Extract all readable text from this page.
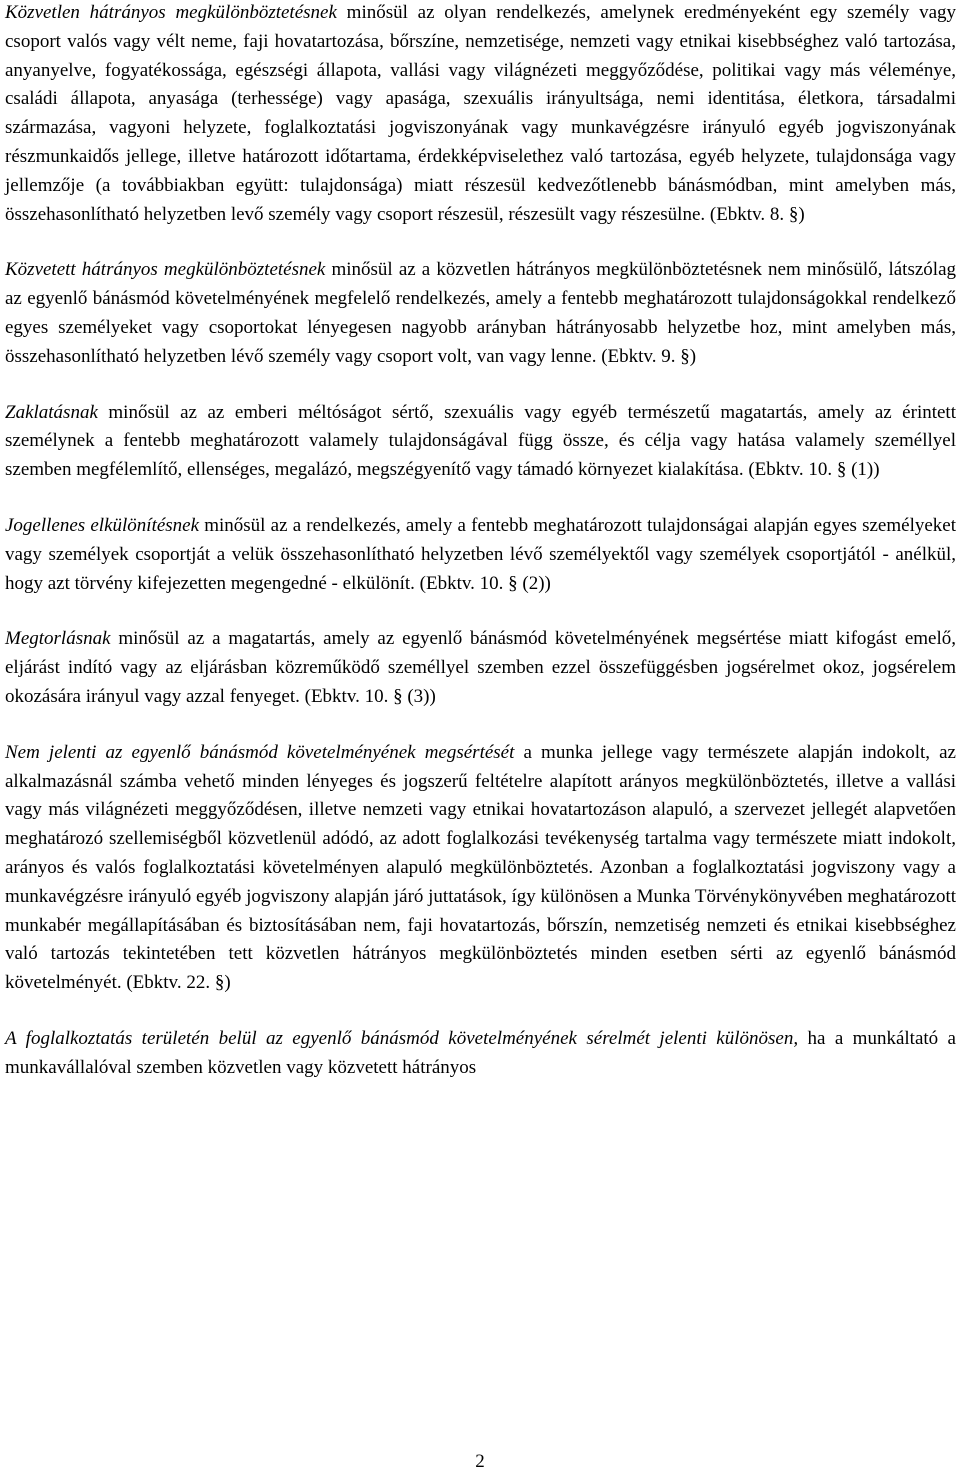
Közvetlen hátrányos megkülönböztetésnek minősül az olyan rendelkezés, amelynek eredményeként egy személy vagy csoport valós vagy vélt neme, faji hovatartozása, bőrszíne, nemzetisége, nemzeti vagy etnikai kisebbséghez való tartozása, anyanyelve, fogyatékossága, egészségi állapota, vallási vagy világnézeti meggyőződése, politikai vagy más véleménye, családi állapota, anyasága (terhessége) vagy apasága, szexuális irányultsága, nemi identitása, életkora, társadalmi származása, vagyoni helyzete, foglalkoztatási jogviszonyának vagy munkavégzésre irányuló egyéb jogviszonyának részmunkaidős jellege, illetve határozott időtartama, érdekképviselethez való tartozása, egyéb helyzete, tulajdonsága vagy jellemzője (a továbbiakban együtt: tulajdonsága) miatt részesül kedvezőtlenebb bánásmódban, mint amelyben más, összehasonlítható helyzetben levő személy vagy csoport részesül, részesült vagy részesülne. (Ebktv. 8. §)

Közvetett hátrányos megkülönböztetésnek minősül az a közvetlen hátrányos megkülönböztetésnek nem minősülő, látszólag az egyenlő bánásmód követelményének megfelelő rendelkezés, amely a fentebb meghatározott tulajdonságokkal rendelkező egyes személyeket vagy csoportokat lényegesen nagyobb arányban hátrányosabb helyzetbe hoz, mint amelyben más, összehasonlítható helyzetben lévő személy vagy csoport volt, van vagy lenne. (Ebktv. 9. §)

Zaklatásnak minősül az az emberi méltóságot sértő, szexuális vagy egyéb természetű magatartás, amely az érintett személynek a fentebb meghatározott valamely tulajdonságával függ össze, és célja vagy hatása valamely személlyel szemben megfélemlítő, ellenséges, megalázó, megszégyenítő vagy támadó környezet kialakítása. (Ebktv. 10. § (1))

Jogellenes elkülönítésnek minősül az a rendelkezés, amely a fentebb meghatározott tulajdonságai alapján egyes személyeket vagy személyek csoportját a velük összehasonlítható helyzetben lévő személyektől vagy személyek csoportjától - anélkül, hogy azt törvény kifejezetten megengedné - elkülönít. (Ebktv. 10. § (2))

Megtorlásnak minősül az a magatartás, amely az egyenlő bánásmód követelményének megsértése miatt kifogást emelő, eljárást indító vagy az eljárásban közreműködő személlyel szemben ezzel összefüggésben jogsérelmet okoz, jogsérelem okozására irányul vagy azzal fenyeget. (Ebktv. 10. § (3))

Nem jelenti az egyenlő bánásmód követelményének megsértését a munka jellege vagy természete alapján indokolt, az alkalmazásnál számba vehető minden lényeges és jogszerű feltételre alapított arányos megkülönböztetés, illetve a vallási vagy más világnézeti meggyőződésen, illetve nemzeti vagy etnikai hovatartozáson alapuló, a szervezet jellegét alapvetően meghatározó szellemiségből közvetlenül adódó, az adott foglalkozási tevékenység tartalma vagy természete miatt indokolt, arányos és valós foglalkoztatási követelményen alapuló megkülönböztetés. Azonban a foglalkoztatási jogviszony vagy a munkavégzésre irányuló egyéb jogviszony alapján járó juttatások, így különösen a Munka Törvénykönyvében meghatározott munkabér megállapításában és biztosításában nem, faji hovatartozás, bőrszín, nemzetiség nemzeti és etnikai kisebbséghez való tartozás tekintetében tett közvetlen hátrányos megkülönböztetés minden esetben sérti az egyenlő bánásmód követelményét. (Ebktv. 22. §)

A foglalkoztatás területén belül az egyenlő bánásmód követelményének sérelmét jelenti különösen, ha a munkáltató a munkavállalóval szemben közvetlen vagy közvetett hátrányos

2
